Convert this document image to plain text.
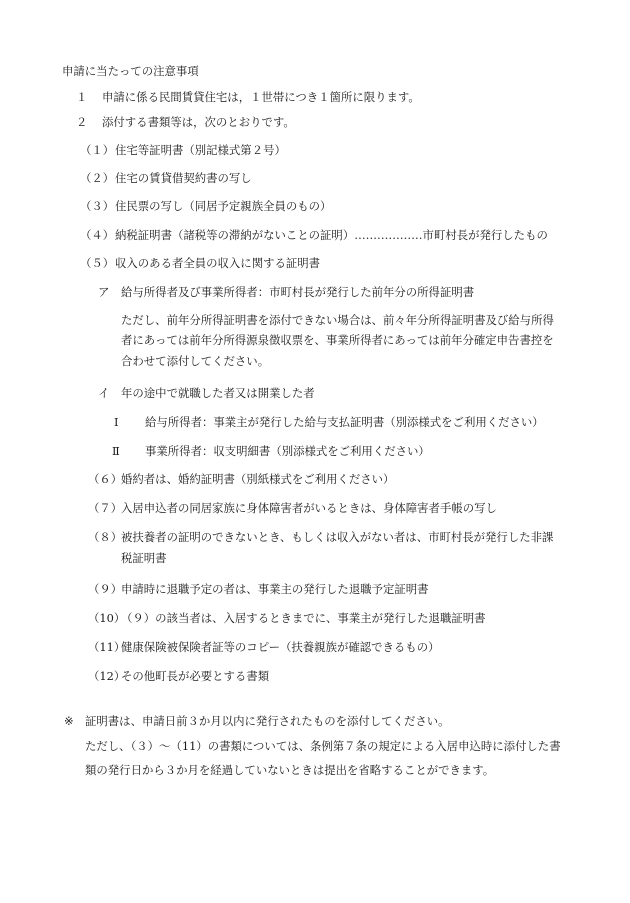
申請に当たっての注意事項
１ 申請に係る民間賃貸住宅は，１世帯につき１箇所に限ります。
２ 添付する書類等は，次のとおりです。
（１） 住宅等証明書（別記様式第２号）
（２） 住宅の賃貸借契約書の写し
（３） 住民票の写し（同居予定親族全員のもの）
（４） 納税証明書（諸税等の滞納がないことの証明）………………市町村長が発行したもの
（５） 収入のある者全員の収入に関する証明書
ア 給与所得者及び事業所得者：市町村長が発行した前年分の所得証明書
ただし、前年分所得証明書を添付できない場合は、前々年分所得証明書及び給与所得
者にあっては前年分所得源泉徴収票を、事業所得者にあっては前年分確定申告書控を
合わせて添付してください。
イ 年の途中で就職した者又は開業した者
Ⅰ 給与所得者：事業主が発行した給与支払証明書（別添様式をご利用ください）
Ⅱ 事業所得者：収支明細書（別添様式をご利用ください）
（６）
婚約者は、婚約証明書（別紙様式をご利用ください）
（７）
入居申込者の同居家族に身体障害者がいるときは、身体障害者手帳の写し
（８）
被扶養者の証明のできないとき、もしくは収入がない者は、市町村長が発行した非課
税証明書
（９）
申請時に退職予定の者は、事業主の発行した退職予定証明書
（10）
（９）の該当者は、入居するときまでに、事業主が発行した退職証明書
（11）
健康保険被保険者証等のコピー（扶養親族が確認できるもの）
（12）
その他町長が必要とする書類
※ 証明書は、申請日前３か月以内に発行されたものを添付してください。
ただし、（３）～（11）の書類については、条例第７条の規定による入居申込時に添付した書
類の発行日から３か月を経過していないときは提出を省略することができます。
